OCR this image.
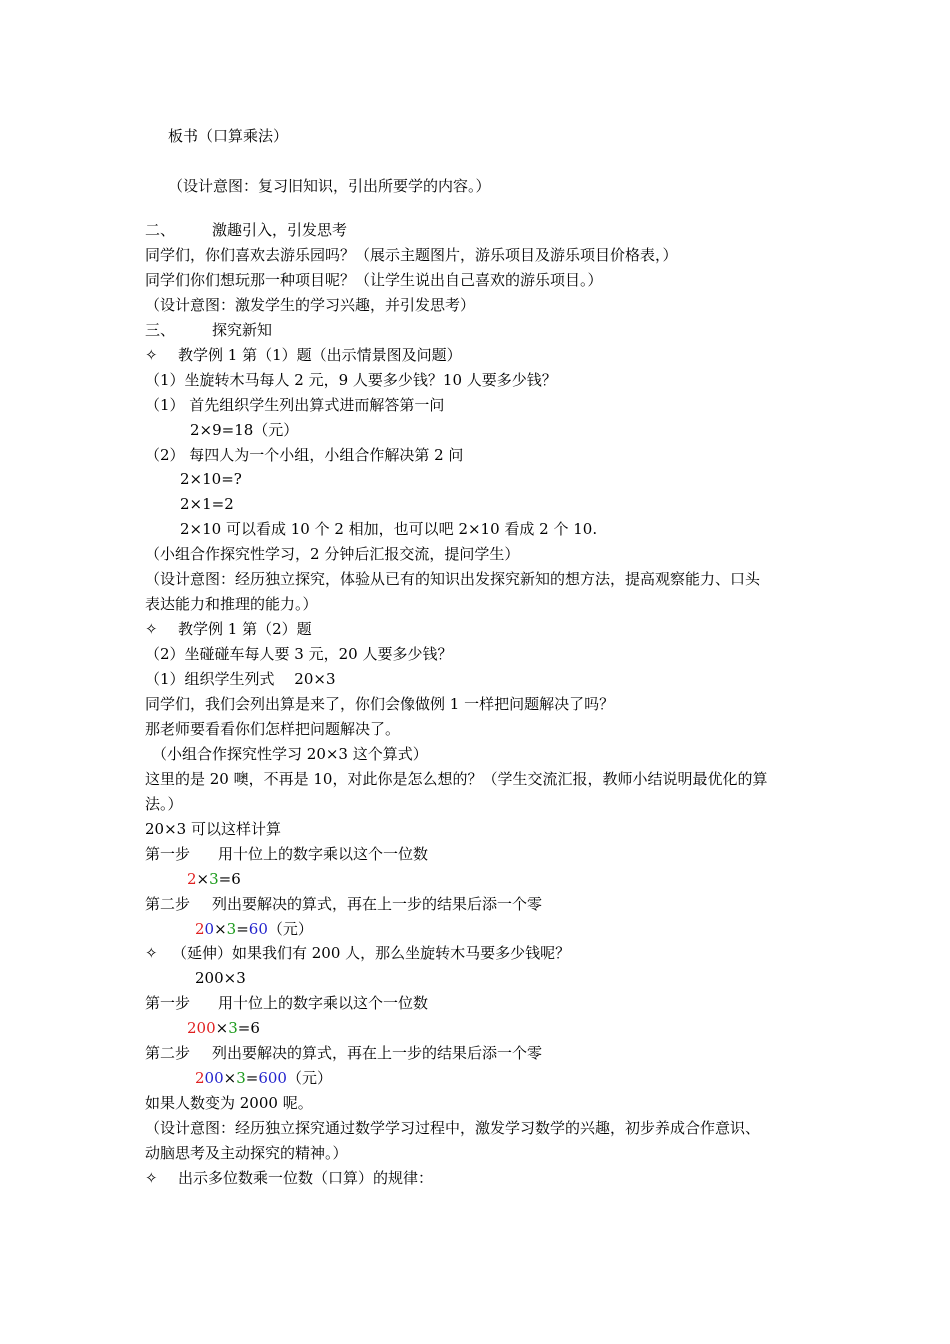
板书（口算乘法）
（设计意图：复习旧知识，引出所要学的内容。）
二、 激趣引入，引发思考
同学们，你们喜欢去游乐园吗？（展示主题图片，游乐项目及游乐项目价格表，）
同学们你们想玩那一种项目呢？（让学生说出自己喜欢的游乐项目。）
（设计意图：激发学生的学习兴趣，并引发思考）
三、 探究新知
✧ 教学例 1 第（1）题（出示情景图及问题）
（1）坐旋转木马每人 2 元，9 人要多少钱？10 人要多少钱？
（1） 首先组织学生列出算式进而解答第一问
2×9=18（元）
（2） 每四人为一个小组，小组合作解决第 2 问
2×10=?
2×1=2
2×10 可以看成 10 个 2 相加，也可以吧 2×10 看成 2 个 10.
（小组合作探究性学习，2 分钟后汇报交流，提问学生）
（设计意图：经历独立探究，体验从已有的知识出发探究新知的想方法，提高观察能力、口头
表达能力和推理的能力。）
✧ 教学例 1 第（2）题
（2）坐碰碰车每人要 3 元，20 人要多少钱？
（1）组织学生列式　 20×3
同学们，我们会列出算是来了，你们会像做例 1 一样把问题解决了吗？
那老师要看看你们怎样把问题解决了。
（小组合作探究性学习 20×3 这个算式）
这里的是 20 噢，不再是 10，对此你是怎么想的？（学生交流汇报，教师小结说明最优化的算
法。）
20×3 可以这样计算
第一步 用十位上的数字乘以这个一位数
2×3=6
第二步 列出要解决的算式，再在上一步的结果后添一个零
20×3=60（元）
✧ （延伸）如果我们有 200 人，那么坐旋转木马要多少钱呢？
200×3
第一步 用十位上的数字乘以这个一位数
200×3=6
第二步 列出要解决的算式，再在上一步的结果后添一个零
200×3=600（元）
如果人数变为 2000 呢。
（设计意图：经历独立探究通过数学学习过程中，激发学习数学的兴趣，初步养成合作意识、
动脑思考及主动探究的精神。）
✧ 出示多位数乘一位数（口算）的规律：
